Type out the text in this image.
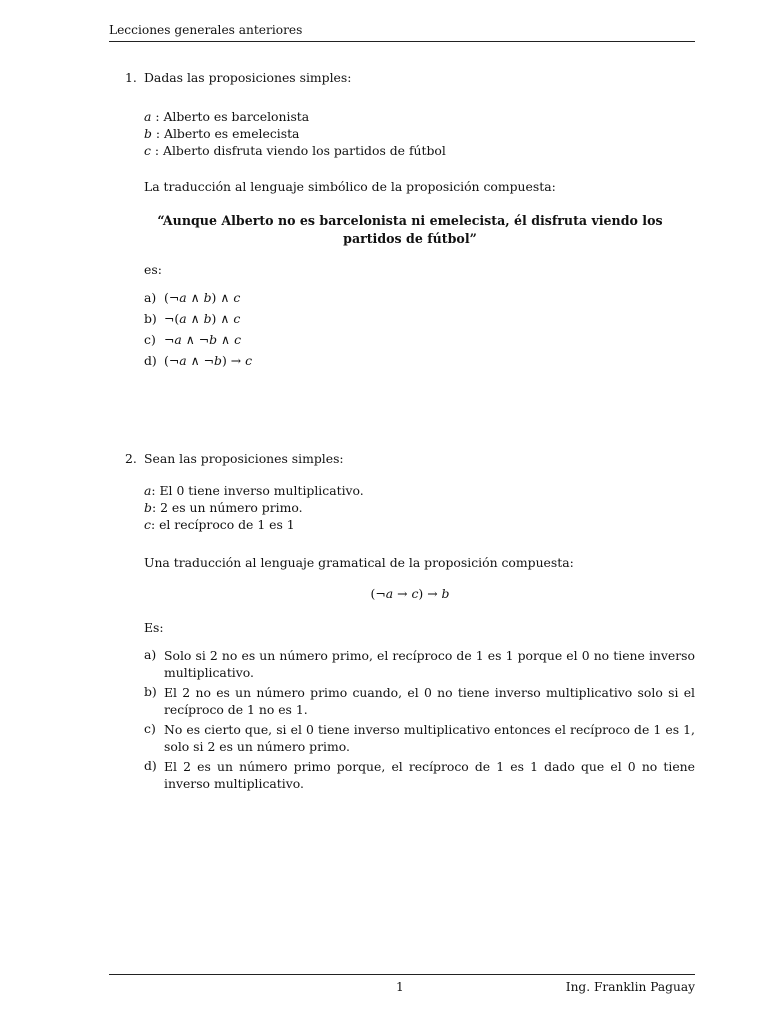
Lecciones generales anteriores
1. Dadas las proposiciones simples:
a : Alberto es barcelonista
b : Alberto es emelecista
c : Alberto disfruta viendo los partidos de fútbol
La traducción al lenguaje simbólico de la proposición compuesta:
“Aunque Alberto no es barcelonista ni emelecista, él disfruta viendo los
partidos de fútbol”
es:
a) (¬a ∧ b) ∧ c
b) ¬(a ∧ b) ∧ c
c) ¬a ∧ ¬b ∧ c
d) (¬a ∧ ¬b) → c
2. Sean las proposiciones simples:
a: El 0 tiene inverso multiplicativo.
b: 2 es un número primo.
c: el recíproco de 1 es 1
Una traducción al lenguaje gramatical de la proposición compuesta:
(¬a → c) → b
Es:
a) Solo si 2 no es un número primo, el recíproco de 1 es 1 porque el 0 no tiene inverso multiplicativo.
b) El 2 no es un número primo cuando, el 0 no tiene inverso multiplicativo solo si el recíproco de 1 no es 1.
c) No es cierto que, si el 0 tiene inverso multiplicativo entonces el recíproco de 1 es 1, solo si 2 es un número primo.
d) El 2 es un número primo porque, el recíproco de 1 es 1 dado que el 0 no tiene inverso multiplicativo.
1	Ing. Franklin Paguay
